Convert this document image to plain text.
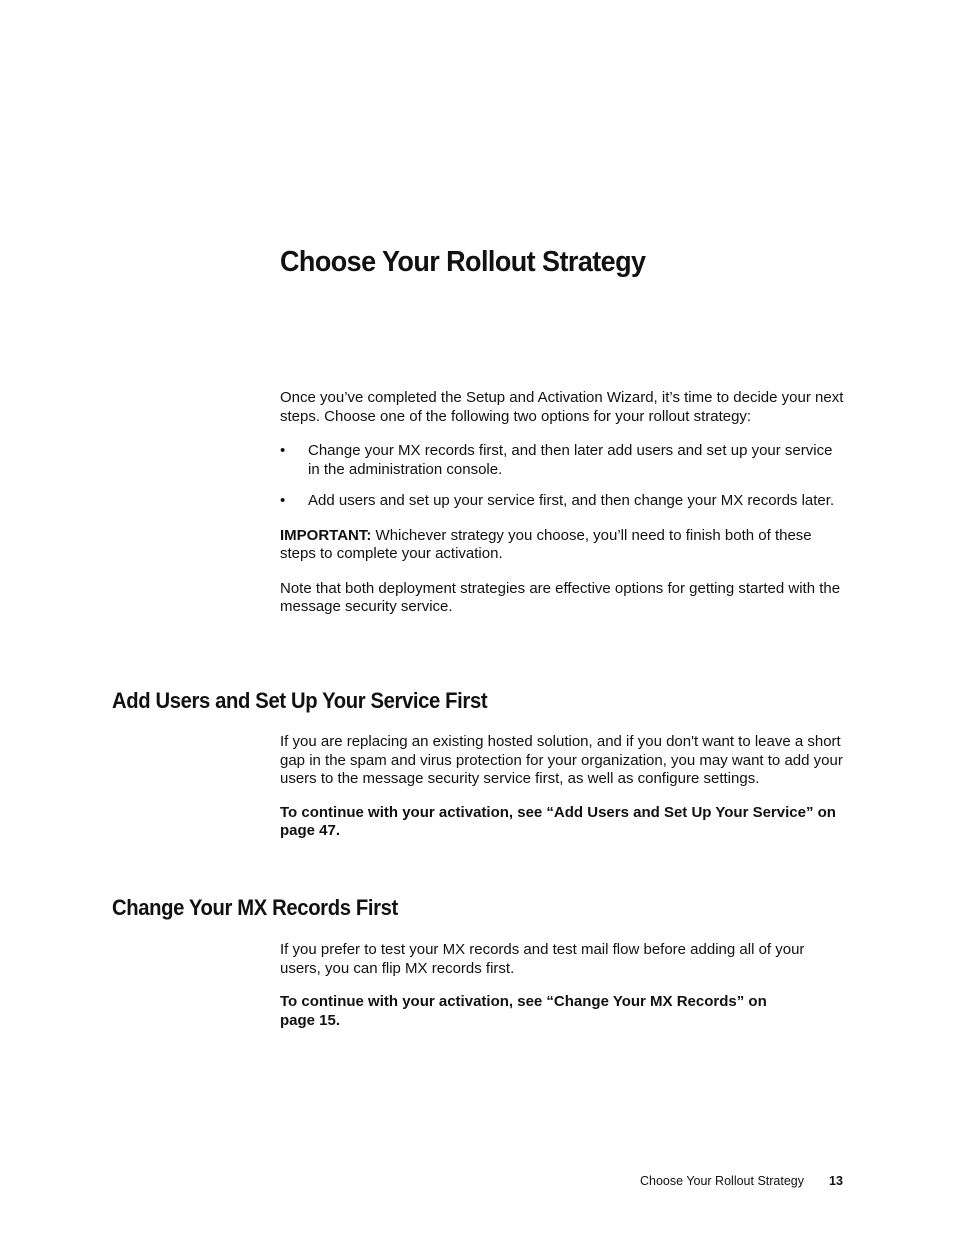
Choose Your Rollout Strategy

Once you’ve completed the Setup and Activation Wizard, it’s time to decide your next steps. Choose one of the following two options for your rollout strategy:

• Change your MX records first, and then later add users and set up your service in the administration console.
• Add users and set up your service first, and then change your MX records later.

IMPORTANT: Whichever strategy you choose, you’ll need to finish both of these steps to complete your activation.

Note that both deployment strategies are effective options for getting started with the message security service.

Add Users and Set Up Your Service First

If you are replacing an existing hosted solution, and if you don't want to leave a short gap in the spam and virus protection for your organization, you may want to add your users to the message security service first, as well as configure settings.

To continue with your activation, see “Add Users and Set Up Your Service” on page 47.

Change Your MX Records First

If you prefer to test your MX records and test mail flow before adding all of your users, you can flip MX records first.

To continue with your activation, see “Change Your MX Records” on page 15.

Choose Your Rollout Strategy 13
